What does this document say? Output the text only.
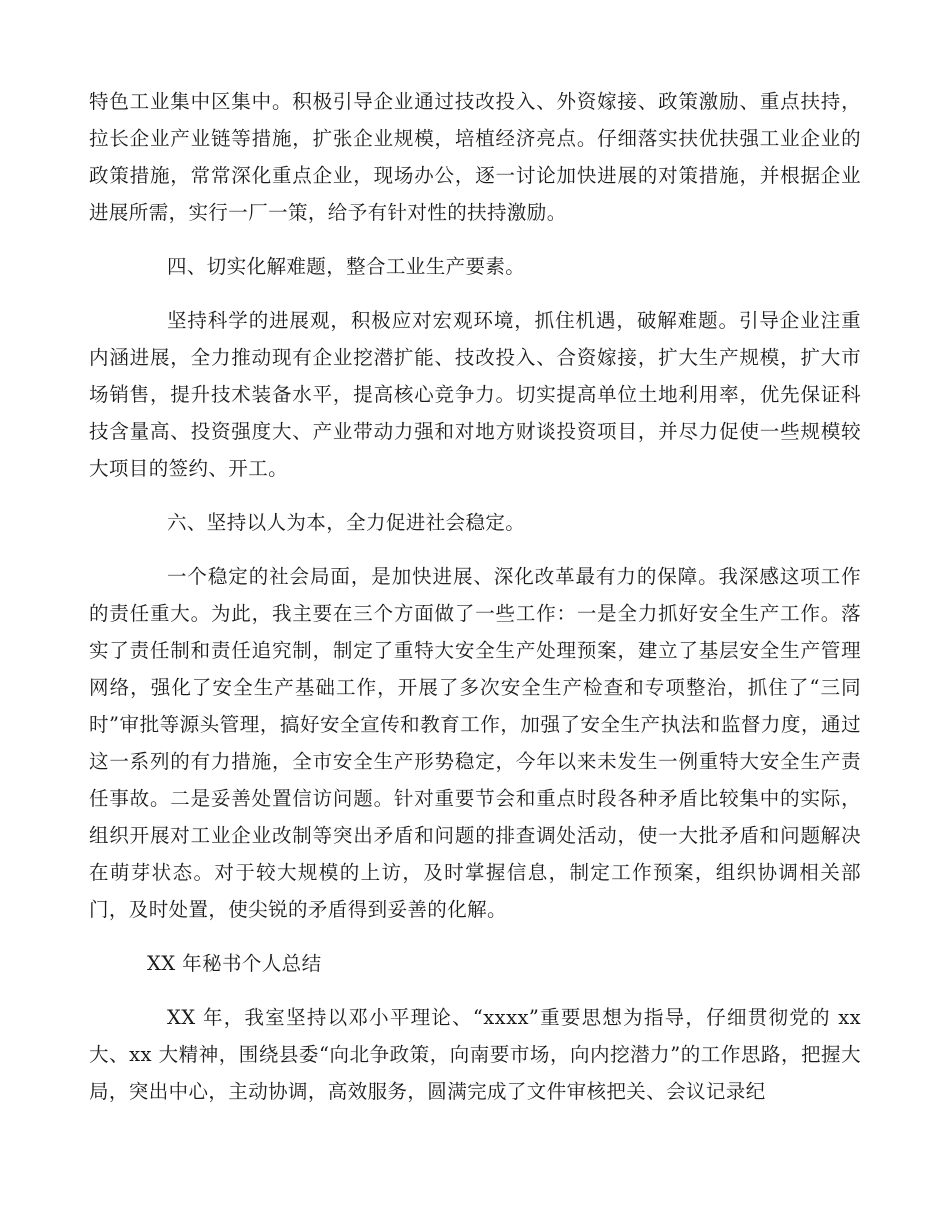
特色工业集中区集中。积极引导企业通过技改投入、外资嫁接、政策激励、重点扶持，拉长企业产业链等措施，扩张企业规模，培植经济亮点。仔细落实扶优扶强工业企业的政策措施，常常深化重点企业，现场办公，逐一讨论加快进展的对策措施，并根据企业进展所需，实行一厂一策，给予有针对性的扶持激励。

四、切实化解难题，整合工业生产要素。

坚持科学的进展观，积极应对宏观环境，抓住机遇，破解难题。引导企业注重内涵进展，全力推动现有企业挖潜扩能、技改投入、合资嫁接，扩大生产规模，扩大市场销售，提升技术装备水平，提高核心竞争力。切实提高单位土地利用率，优先保证科技含量高、投资强度大、产业带动力强和对地方财谈投资项目，并尽力促使一些规模较大项目的签约、开工。

六、坚持以人为本，全力促进社会稳定。

一个稳定的社会局面，是加快进展、深化改革最有力的保障。我深感这项工作的责任重大。为此，我主要在三个方面做了一些工作：一是全力抓好安全生产工作。落实了责任制和责任追究制，制定了重特大安全生产处理预案，建立了基层安全生产管理网络，强化了安全生产基础工作，开展了多次安全生产检查和专项整治，抓住了“三同时”审批等源头管理，搞好安全宣传和教育工作，加强了安全生产执法和监督力度，通过这一系列的有力措施，全市安全生产形势稳定，今年以来未发生一例重特大安全生产责任事故。二是妥善处置信访问题。针对重要节会和重点时段各种矛盾比较集中的实际，组织开展对工业企业改制等突出矛盾和问题的排查调处活动，使一大批矛盾和问题解决在萌芽状态。对于较大规模的上访，及时掌握信息，制定工作预案，组织协调相关部门，及时处置，使尖锐的矛盾得到妥善的化解。

XX 年秘书个人总结

XX 年，我室坚持以邓小平理论、“xxxx”重要思想为指导，仔细贯彻党的 xx 大、xx 大精神，围绕县委“向北争政策，向南要市场，向内挖潜力”的工作思路，把握大局，突出中心，主动协调，高效服务，圆满完成了文件审核把关、会议记录纪
